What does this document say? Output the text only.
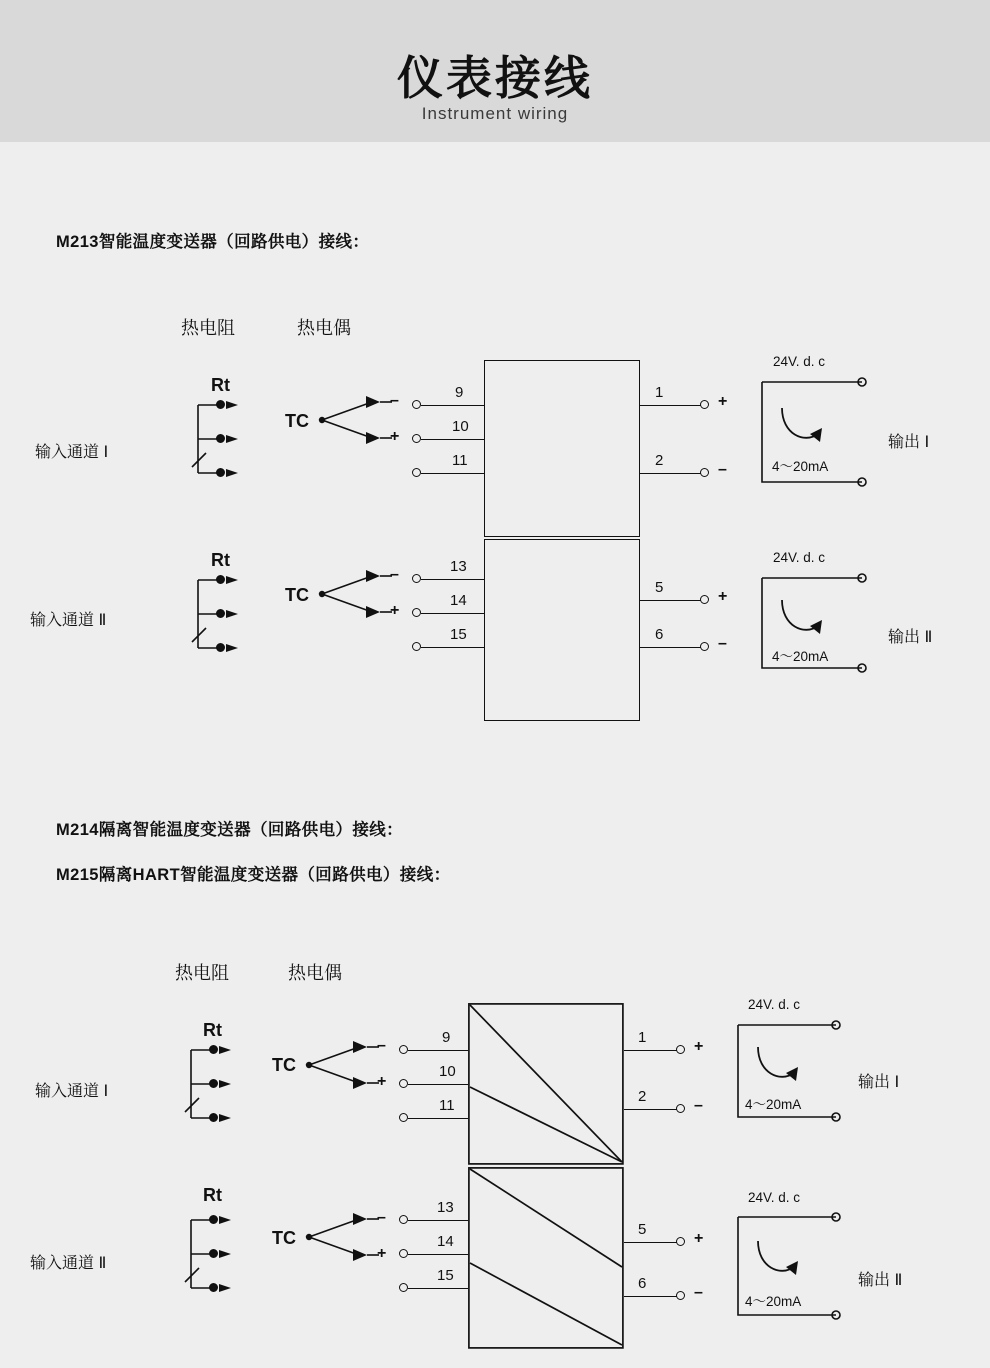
仪表接线
Instrument wiring
M213智能温度变送器（回路供电）接线：
M214隔离智能温度变送器（回路供电）接线：
M215隔离HART智能温度变送器（回路供电）接线：
热电阻	热电偶
输入通道 Ⅰ
Rt
TC
–
+
9
10
11
1
2
+
–
24V. d. c
4～20mA
输出 Ⅰ
输入通道 Ⅱ
Rt
TC
–
+
13
14
15
5
6
+
–
24V. d. c
4～20mA
输出 Ⅱ
热电阻	热电偶
输入通道 Ⅰ
Rt
TC
–
+
9
10
11
1
2
+
–
24V. d. c
4～20mA
输出 Ⅰ
输入通道 Ⅱ
Rt
TC
–
+
13
14
15
5
6
+
–
24V. d. c
4～20mA
输出 Ⅱ
